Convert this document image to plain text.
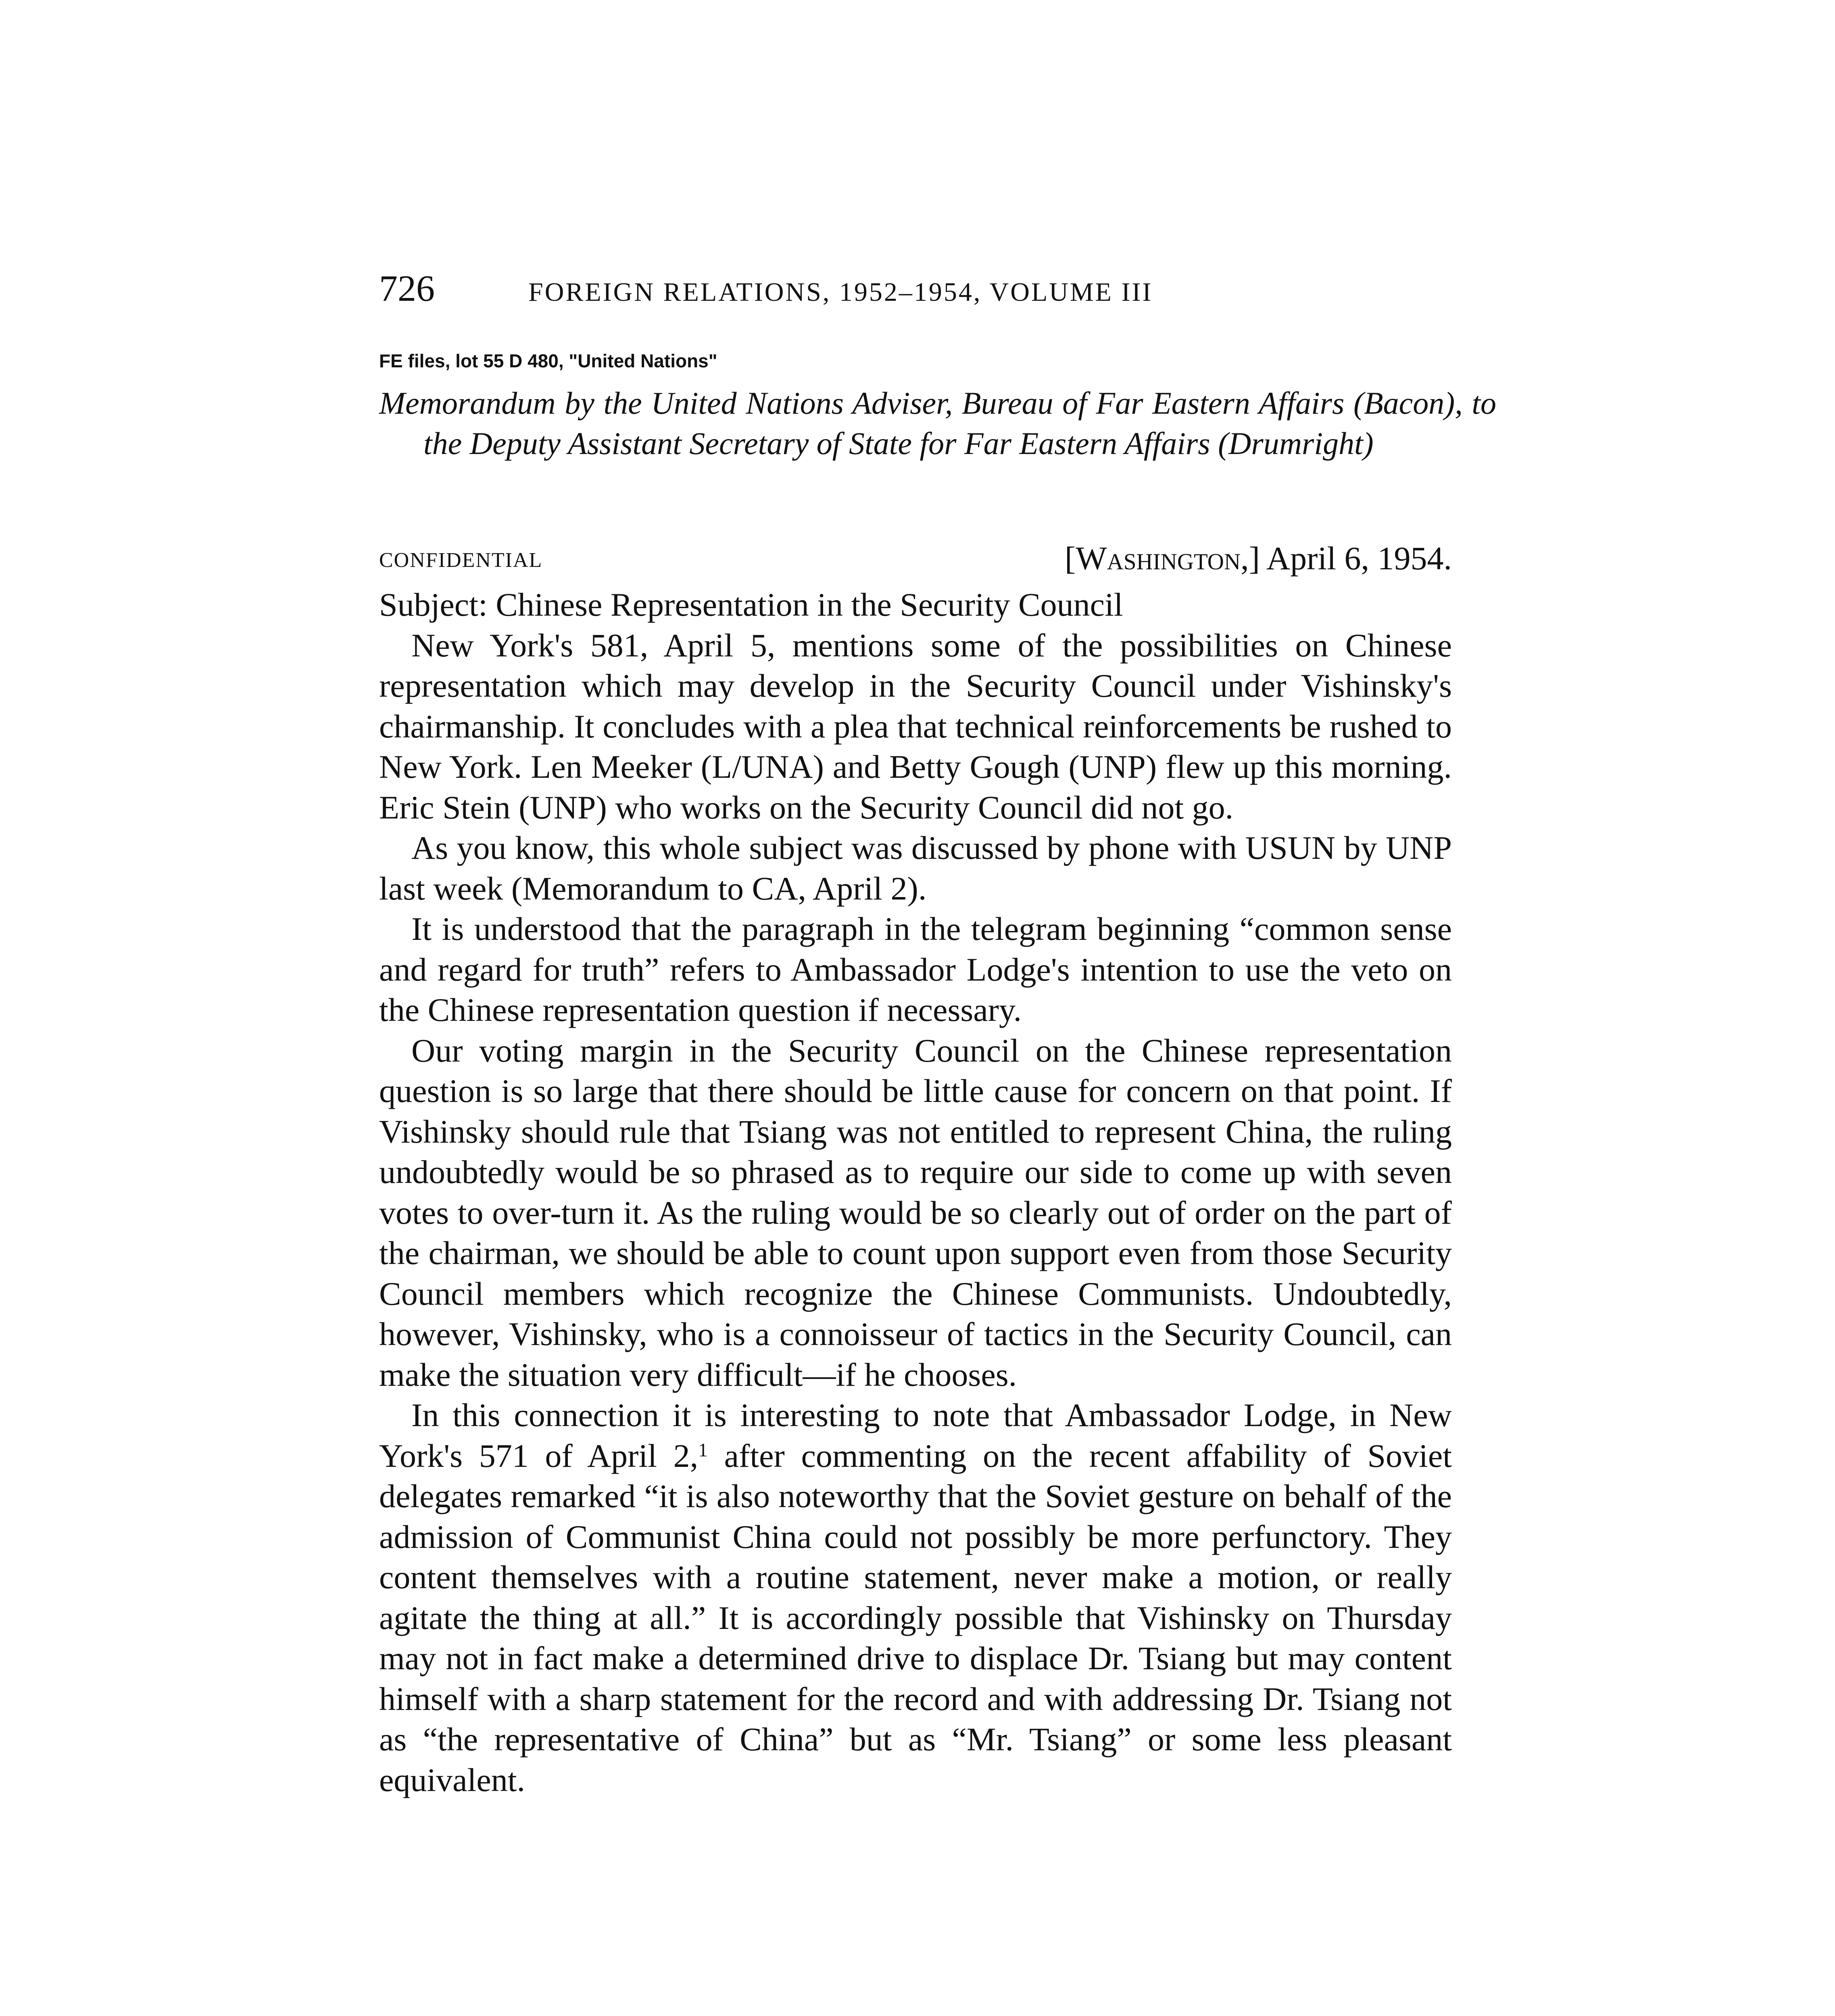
726	FOREIGN RELATIONS, 1952–1954, VOLUME III
FE files, lot 55 D 480, "United Nations"
Memorandum by the United Nations Adviser, Bureau of Far Eastern Affairs (Bacon), to the Deputy Assistant Secretary of State for Far Eastern Affairs (Drumright)
CONFIDENTIAL	[Washington,] April 6, 1954.

Subject: Chinese Representation in the Security Council

New York's 581, April 5, mentions some of the possibilities on Chinese representation which may develop in the Security Council under Vishinsky's chairmanship. It concludes with a plea that technical reinforcements be rushed to New York. Len Meeker (L/UNA) and Betty Gough (UNP) flew up this morning. Eric Stein (UNP) who works on the Security Council did not go.

As you know, this whole subject was discussed by phone with USUN by UNP last week (Memorandum to CA, April 2).

It is understood that the paragraph in the telegram beginning “common sense and regard for truth” refers to Ambassador Lodge's intention to use the veto on the Chinese representation question if necessary.

Our voting margin in the Security Council on the Chinese representation question is so large that there should be little cause for concern on that point. If Vishinsky should rule that Tsiang was not entitled to represent China, the ruling undoubtedly would be so phrased as to require our side to come up with seven votes to over-turn it. As the ruling would be so clearly out of order on the part of the chairman, we should be able to count upon support even from those Security Council members which recognize the Chinese Communists. Undoubtedly, however, Vishinsky, who is a connoisseur of tactics in the Security Council, can make the situation very difficult—if he chooses.

In this connection it is interesting to note that Ambassador Lodge, in New York's 571 of April 2,$^1$ after commenting on the recent affability of Soviet delegates remarked “it is also noteworthy that the Soviet gesture on behalf of the admission of Communist China could not possibly be more perfunctory. They content themselves with a routine statement, never make a motion, or really agitate the thing at all.” It is accordingly possible that Vishinsky on Thursday may not in fact make a determined drive to displace Dr. Tsiang but may content himself with a sharp statement for the record and with addressing Dr. Tsiang not as “the representative of China” but as “Mr. Tsiang” or some less pleasant equivalent.
